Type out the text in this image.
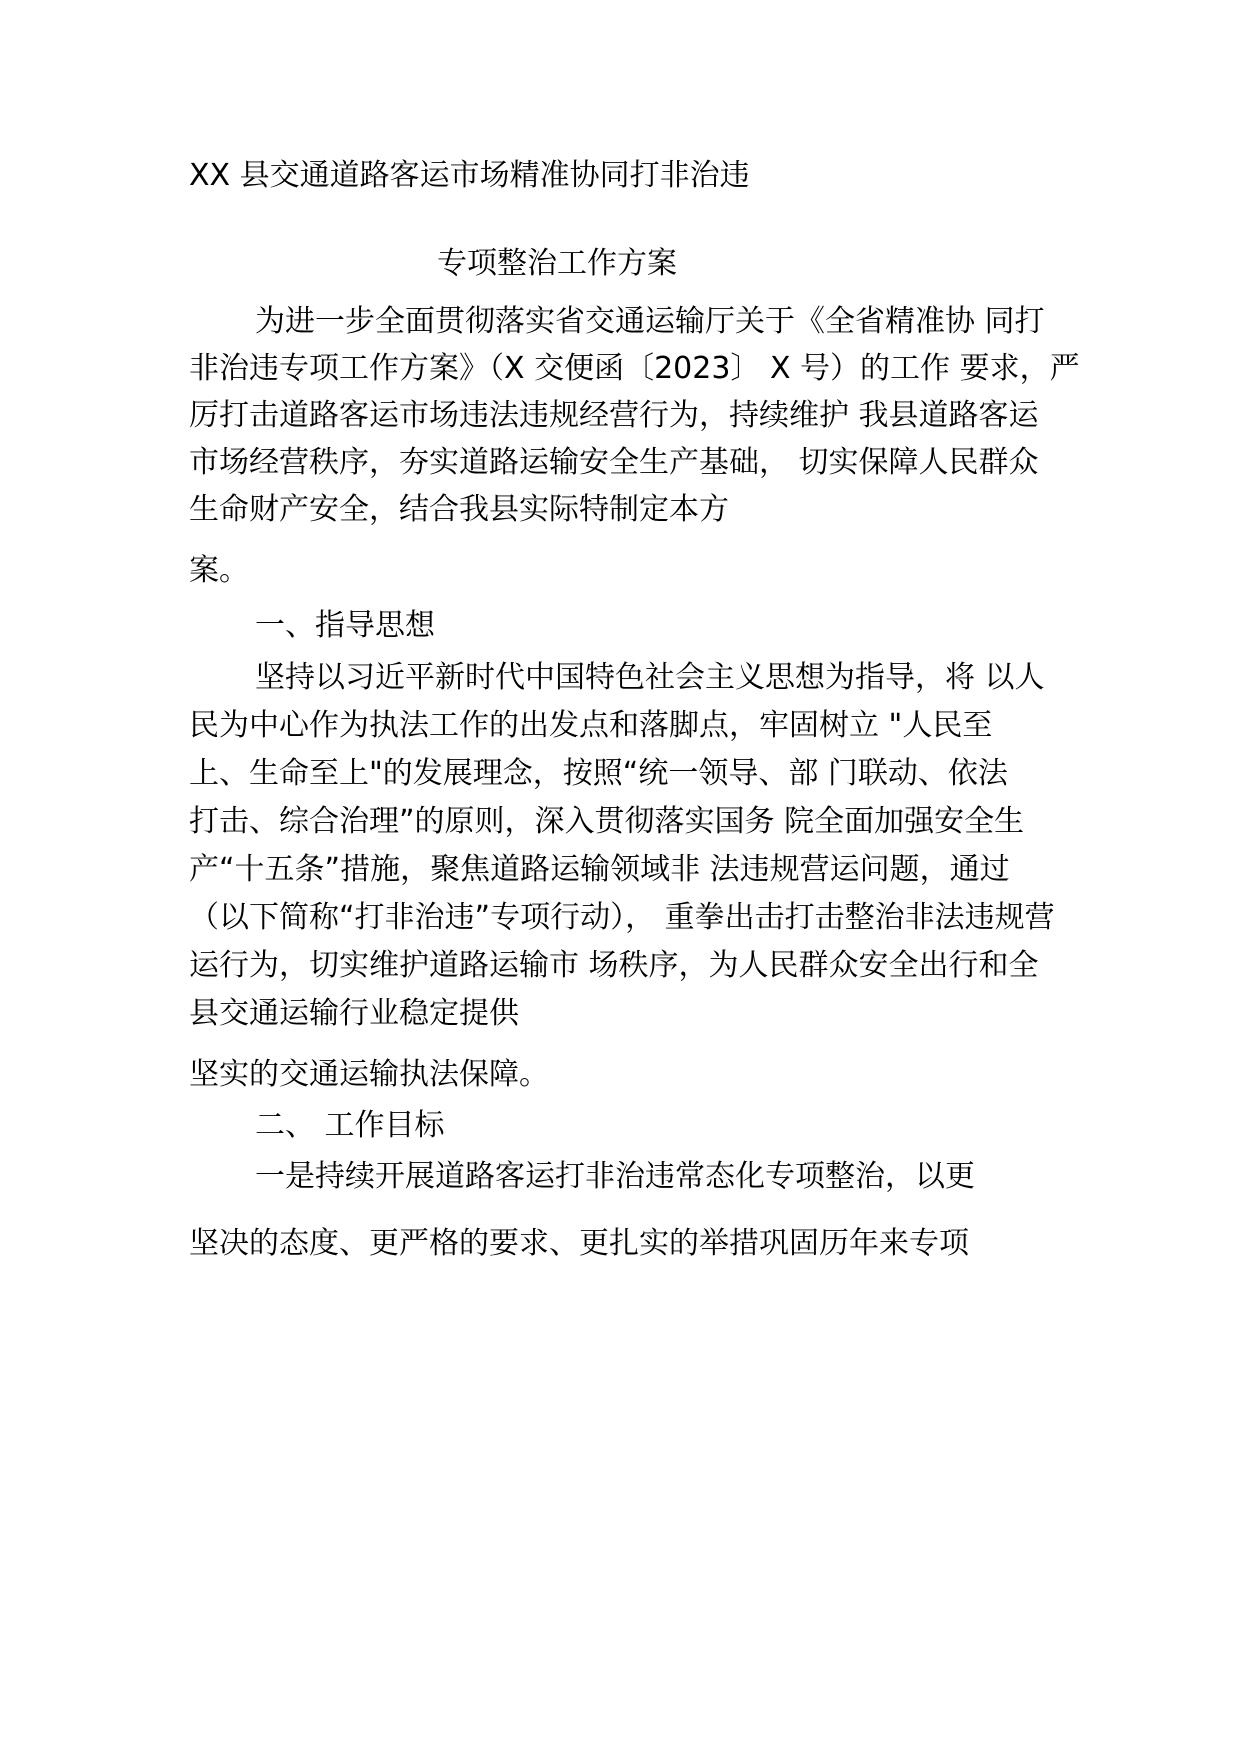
XX 县交通道路客运市场精准协同打非治违
专项整治工作方案
为进一步全面贯彻落实省交通运输厅关于《全省精准协 同打
非治违专项工作方案》（X 交便函〔2023〕 X 号）的工作 要求，严
厉打击道路客运市场违法违规经营行为，持续维护 我县道路客运
市场经营秩序，夯实道路运输安全生产基础， 切实保障人民群众
生命财产安全，结合我县实际特制定本方
案。
一、指导思想
坚持以习近平新时代中国特色社会主义思想为指导，将 以人
民为中心作为执法工作的出发点和落脚点，牢固树立 "人民至
上、生命至上"的发展理念，按照“统一领导、部 门联动、依法
打击、综合治理”的原则，深入贯彻落实国务 院全面加强安全生
产“十五条”措施，聚焦道路运输领域非 法违规营运问题，通过
（以下简称“打非治违”专项行动）， 重拳出击打击整治非法违规营
运行为，切实维护道路运输市 场秩序，为人民群众安全出行和全
县交通运输行业稳定提供
坚实的交通运输执法保障。
二、 工作目标
一是持续开展道路客运打非治违常态化专项整治，以更
坚决的态度、更严格的要求、更扎实的举措巩固历年来专项
